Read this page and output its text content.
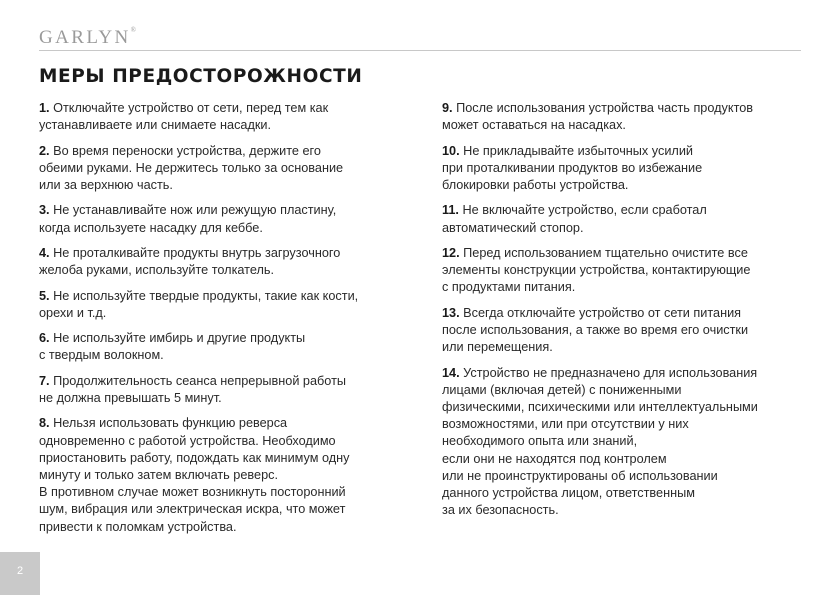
GARLYN®
МЕРЫ ПРЕДОСТОРОЖНОСТИ
1. Отключайте устройство от сети, перед тем как
устанавливаете или снимаете насадки.
2. Во время переноски устройства, держите его
обеими руками. Не держитесь только за основание
или за верхнюю часть.
3. Не устанавливайте нож или режущую пластину,
когда используете насадку для кеббе.
4. Не проталкивайте продукты внутрь загрузочного
желоба руками, используйте толкатель.
5. Не используйте твердые продукты, такие как кости,
орехи и т.д.
6. Не используйте имбирь и другие продукты
с твердым волокном.
7. Продолжительность сеанса непрерывной работы
не должна превышать 5 минут.
8. Нельзя использовать функцию реверса
одновременно с работой устройства. Необходимо
приостановить работу, подождать как минимум одну
минуту и только затем включать реверс.
В противном случае может возникнуть посторонний
шум, вибрация или электрическая искра, что может
привести к поломкам устройства.
9. После использования устройства часть продуктов
может оставаться на насадках.
10. Не прикладывайте избыточных усилий
при проталкивании продуктов во избежание
блокировки работы устройства.
11. Не включайте устройство, если сработал
автоматический стопор.
12. Перед использованием тщательно очистите все
элементы конструкции устройства, контактирующие
с продуктами питания.
13. Всегда отключайте устройство от сети питания
после использования, а также во время его очистки
или перемещения.
14. Устройство не предназначено для использования
лицами (включая детей) с пониженными
физическими, психическими или интеллектуальными
возможностями, или при отсутствии у них
необходимого опыта или знаний,
если они не находятся под контролем
или не проинструктированы об использовании
данного устройства лицом, ответственным
за их безопасность.
2
